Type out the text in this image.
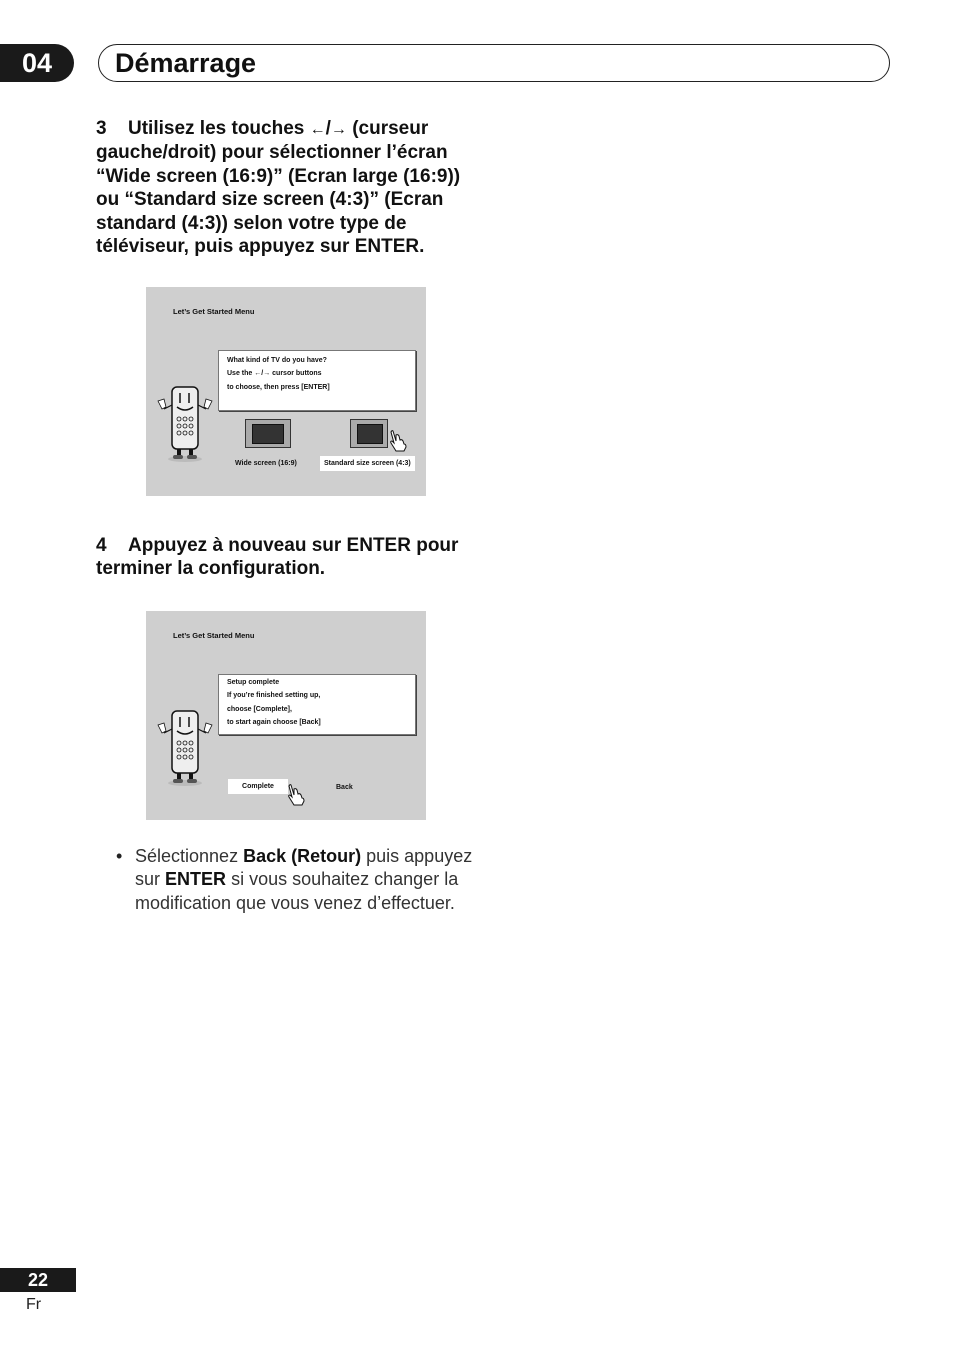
04	Démarrage
3 Utilisez les touches ←/→ (curseur
gauche/droit) pour sélectionner l’écran
“Wide screen (16:9)” (Ecran large (16:9))
ou “Standard size screen (4:3)” (Ecran
standard (4:3)) selon votre type de
téléviseur, puis appuyez sur ENTER.
Let’s Get Started Menu
What kind of TV do you have?
Use the ←/→ cursor buttons
to choose, then press [ENTER]
Wide screen (16:9)	Standard size screen (4:3)
4 Appuyez à nouveau sur ENTER pour
terminer la configuration.
Let’s Get Started Menu
Setup complete
If you’re finished setting up,
choose [Complete],
to start again choose [Back]
Complete	Back
• Sélectionnez Back (Retour) puis appuyez sur ENTER si vous souhaitez changer la modification que vous venez d’effectuer.
22
Fr
